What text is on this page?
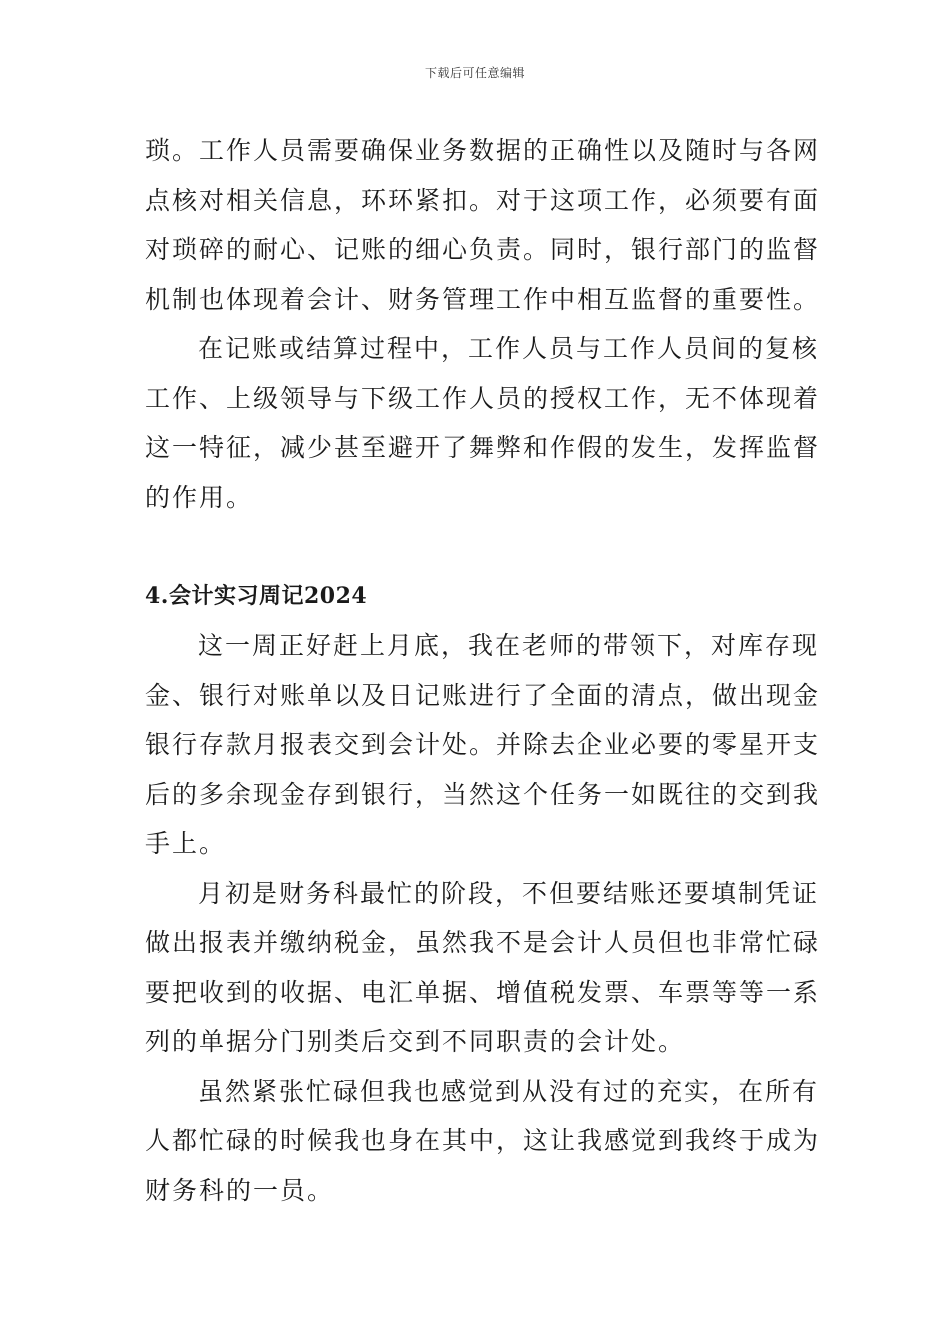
下载后可任意编辑

琐。工作人员需要确保业务数据的正确性以及随时与各网
点核对相关信息，环环紧扣。对于这项工作，必须要有面
对琐碎的耐心、记账的细心负责。同时，银行部门的监督
机制也体现着会计、财务管理工作中相互监督的重要性。

在记账或结算过程中，工作人员与工作人员间的复核
工作、上级领导与下级工作人员的授权工作，无不体现着
这一特征，减少甚至避开了舞弊和作假的发生，发挥监督
的作用。

4.会计实习周记2024

这一周正好赶上月底，我在老师的带领下，对库存现
金、银行对账单以及日记账进行了全面的清点，做出现金
银行存款月报表交到会计处。并除去企业必要的零星开支
后的多余现金存到银行，当然这个任务一如既往的交到我
手上。

月初是财务科最忙的阶段，不但要结账还要填制凭证
做出报表并缴纳税金，虽然我不是会计人员但也非常忙碌
要把收到的收据、电汇单据、增值税发票、车票等等一系
列的单据分门别类后交到不同职责的会计处。

虽然紧张忙碌但我也感觉到从没有过的充实，在所有
人都忙碌的时候我也身在其中，这让我感觉到我终于成为
财务科的一员。
